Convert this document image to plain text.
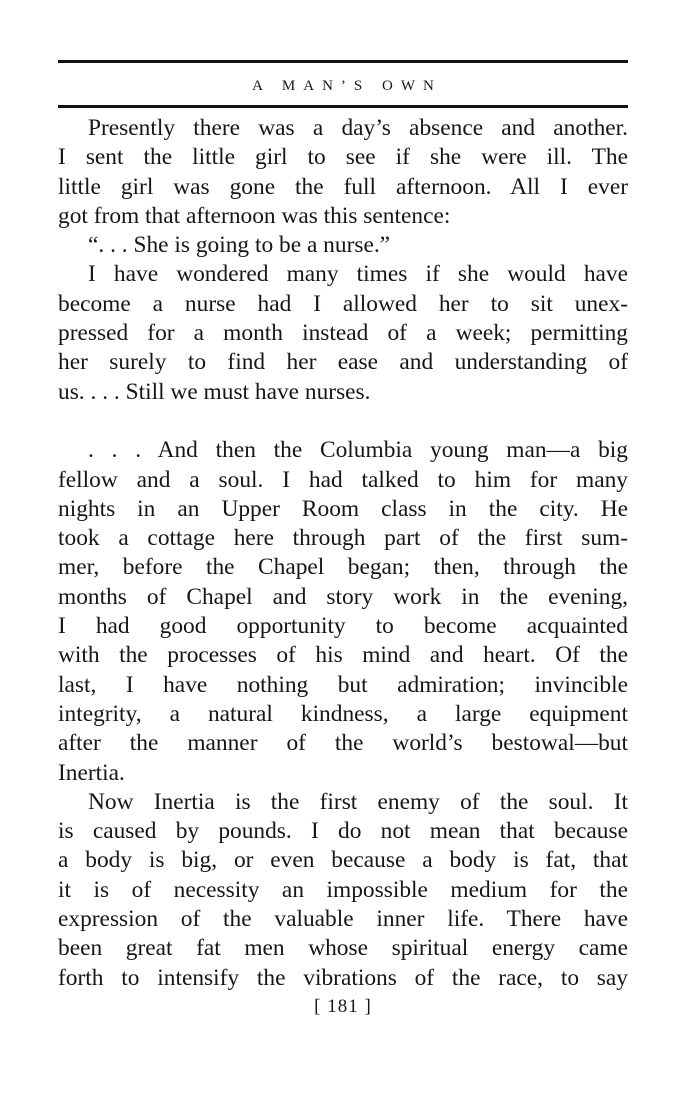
A MAN’S OWN
Presently there was a day’s absence and another.
I sent the little girl to see if she were ill. The
little girl was gone the full afternoon. All I ever
got from that afternoon was this sentence:
“. . . She is going to be a nurse.”
I have wondered many times if she would have
become a nurse had I allowed her to sit unex-
pressed for a month instead of a week; permitting
her surely to find her ease and understanding of
us. . . . Still we must have nurses.

. . . And then the Columbia young man—a big
fellow and a soul. I had talked to him for many
nights in an Upper Room class in the city. He
took a cottage here through part of the first sum-
mer, before the Chapel began; then, through the
months of Chapel and story work in the evening,
I had good opportunity to become acquainted
with the processes of his mind and heart. Of the
last, I have nothing but admiration; invincible
integrity, a natural kindness, a large equipment
after the manner of the world’s bestowal—but
Inertia.
Now Inertia is the first enemy of the soul. It
is caused by pounds. I do not mean that because
a body is big, or even because a body is fat, that
it is of necessity an impossible medium for the
expression of the valuable inner life. There have
been great fat men whose spiritual energy came
forth to intensify the vibrations of the race, to say
[ 181 ]
